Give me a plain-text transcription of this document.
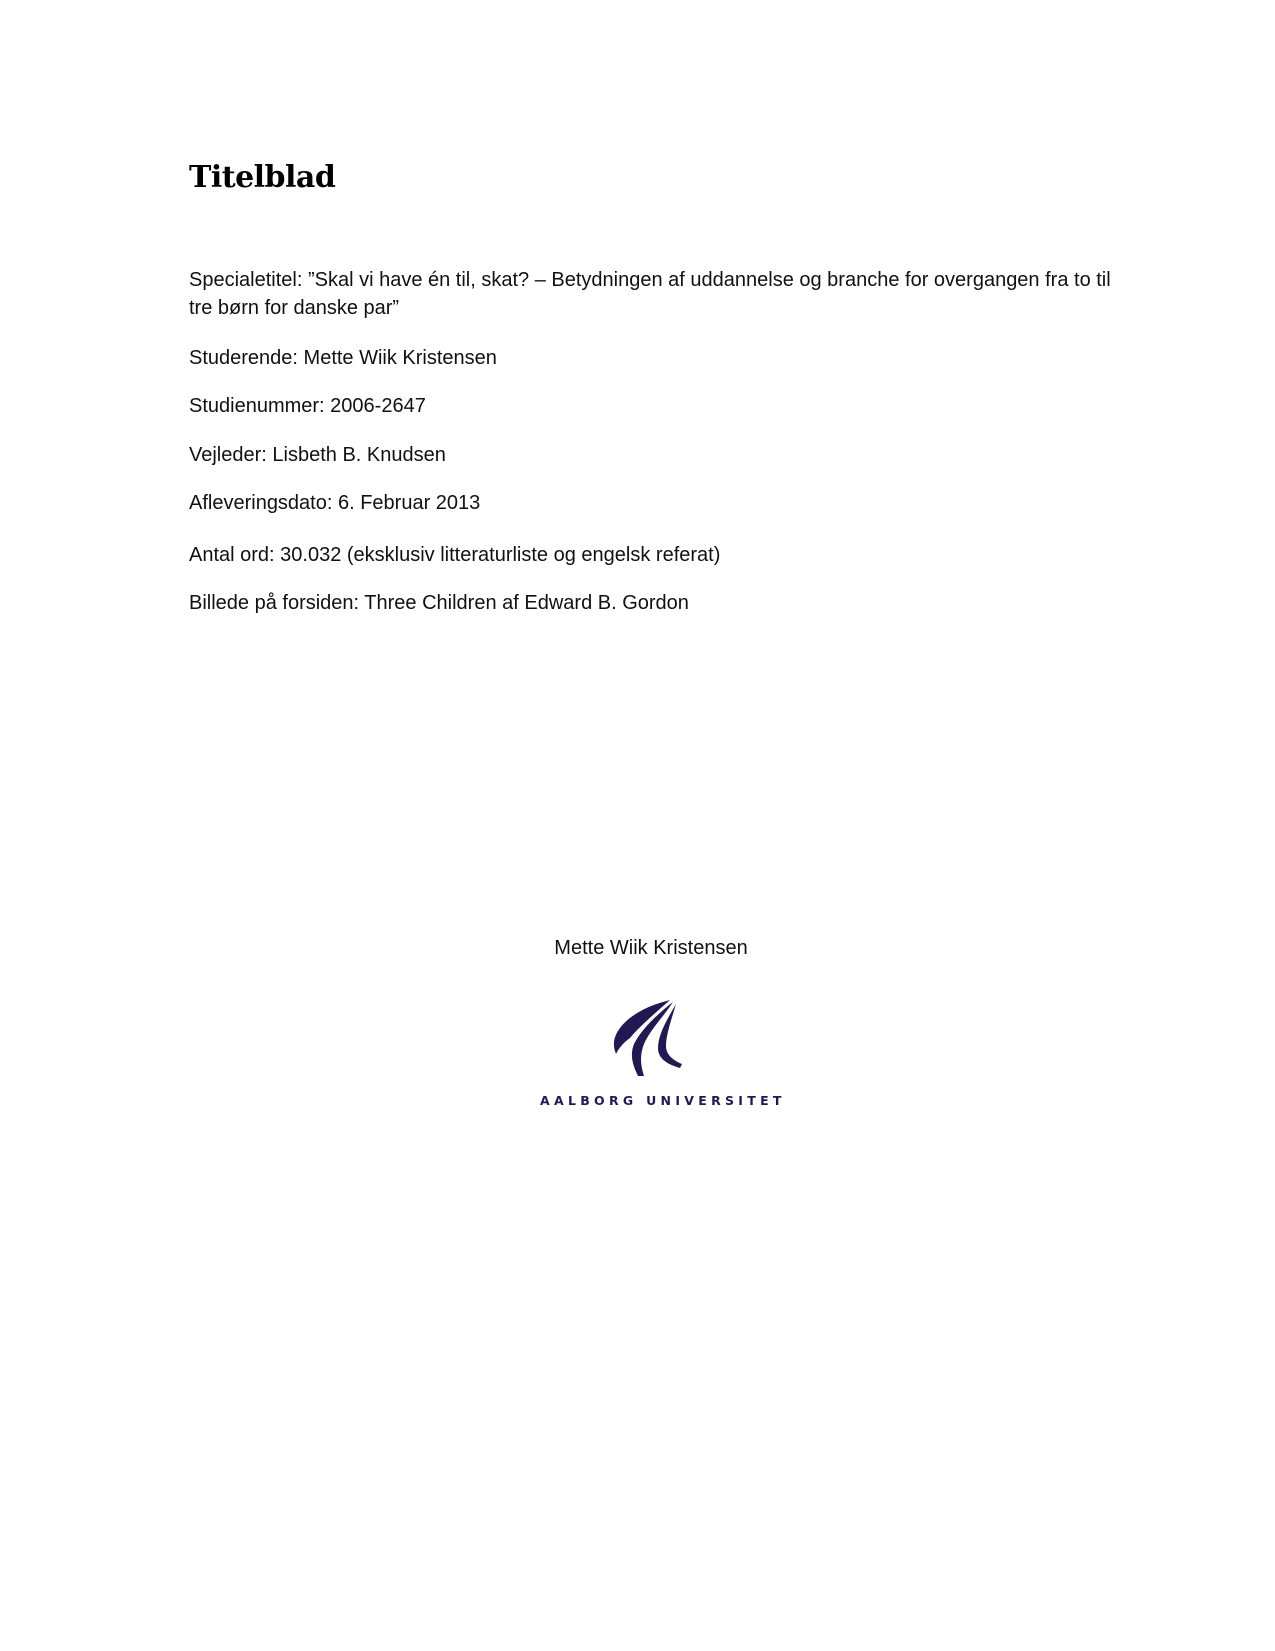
Titelblad

Specialetitel: ”Skal vi have én til, skat? – Betydningen af uddannelse og branche for overgangen fra to til tre børn for danske par”

Studerende: Mette Wiik Kristensen

Studienummer: 2006-2647

Vejleder: Lisbeth B. Knudsen

Afleveringsdato: 6. Februar 2013

Antal ord: 30.032 (eksklusiv litteraturliste og engelsk referat)

Billede på forsiden: Three Children af Edward B. Gordon

Mette Wiik Kristensen
AALBORG UNIVERSITET
